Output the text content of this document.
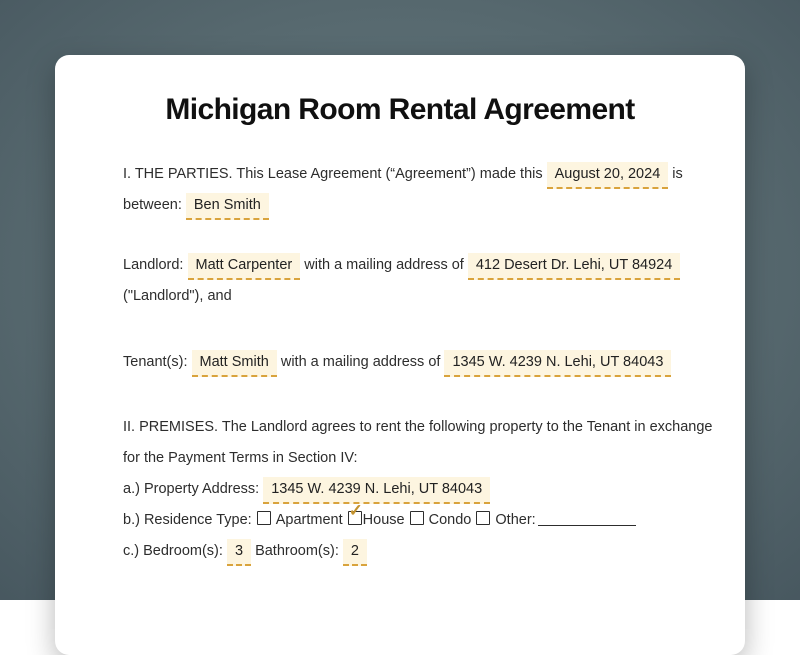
Michigan Room Rental Agreement
I. THE PARTIES. This Lease Agreement (“Agreement”) made this August 20, 2024 is
between: Ben Smith
Landlord: Matt Carpenter with a mailing address of 412 Desert Dr. Lehi, UT 84924
("Landlord"), and
Tenant(s): Matt Smith with a mailing address of 1345 W. 4239 N. Lehi, UT 84043
II. PREMISES. The Landlord agrees to rent the following property to the Tenant in exchange
for the Payment Terms in Section IV:
a.) Property Address: 1345 W. 4239 N. Lehi, UT 84043
b.) Residence Type: Apartment ✓ House Condo Other:
c.) Bedroom(s): 3 Bathroom(s): 2
